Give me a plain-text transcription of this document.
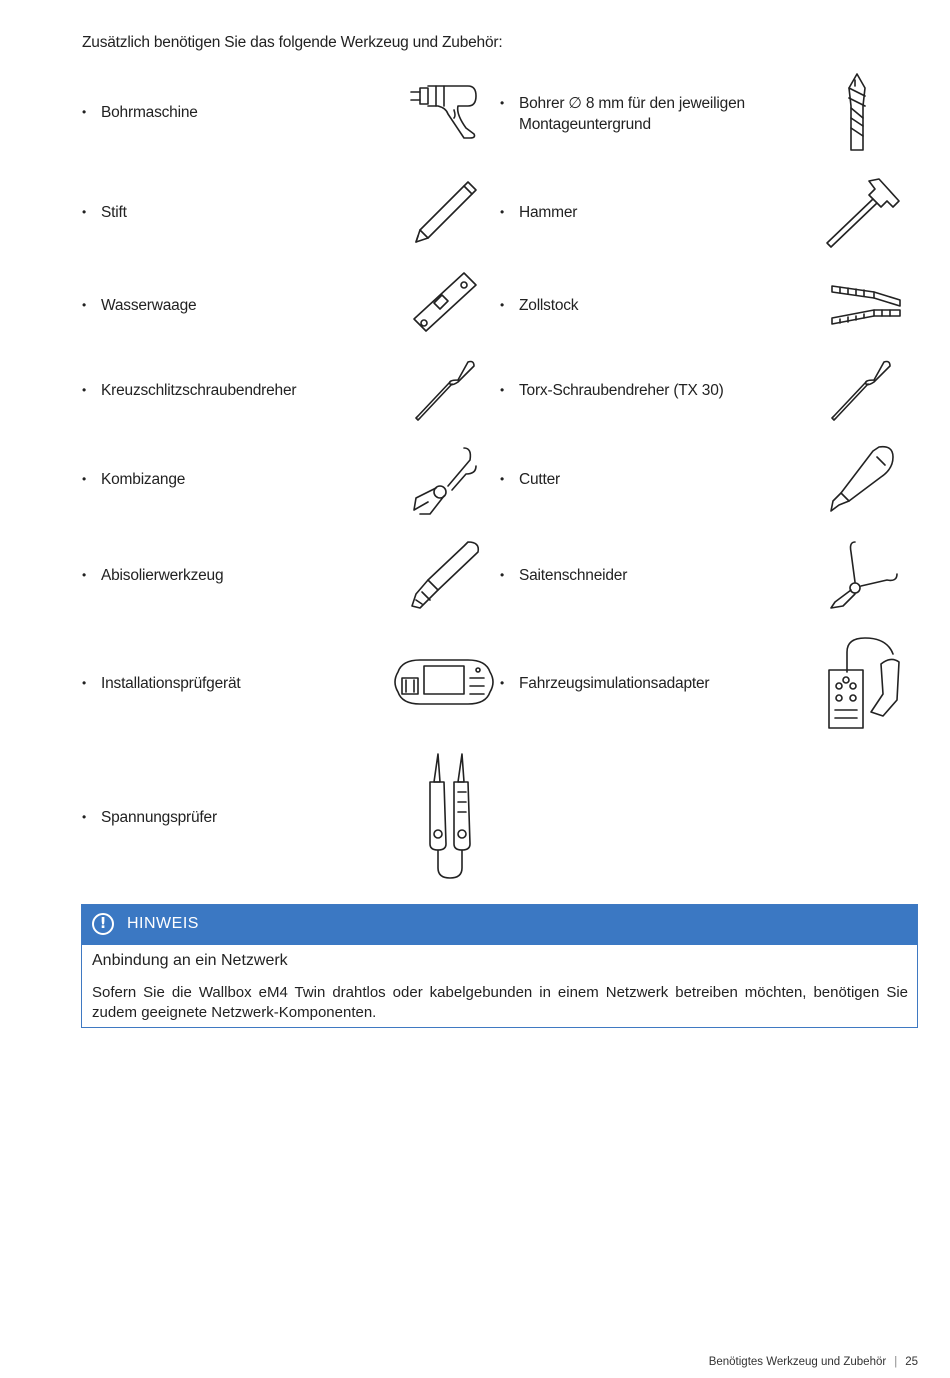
Zusätzlich benötigen Sie das folgende Werkzeug und Zubehör:
• Bohrmaschine
• Stift
• Wasserwaage
• Kreuzschlitzschraubendreher
• Kombizange
• Abisolierwerkzeug
• Installationsprüfgerät
• Spannungsprüfer
• Bohrer ∅ 8 mm für den jeweiligen
Montageuntergrund
• Hammer
• Zollstock
• Torx-Schraubendreher (TX 30)
• Cutter
• Saitenschneider
• Fahrzeugsimulationsadapter
!	HINWEIS
Anbindung an ein Netzwerk
Sofern Sie die Wallbox eM4 Twin drahtlos oder kabelgebunden in einem Netzwerk betreiben möchten, benötigen Sie zudem geeignete Netzwerk-Komponenten.
Benötigtes Werkzeug und Zubehör | 25
